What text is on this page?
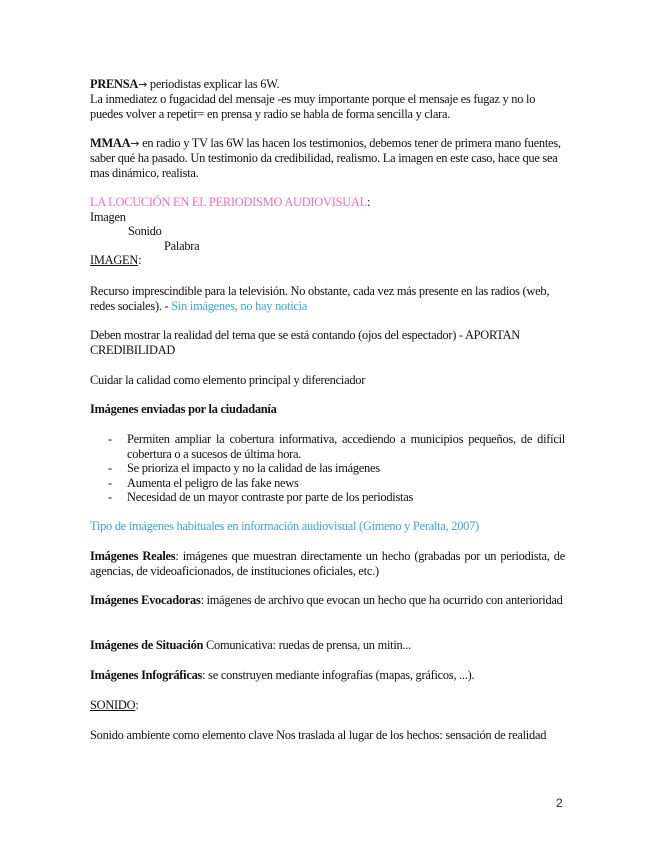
PRENSA→ periodistas explicar las 6W.
La inmediatez o fugacidad del mensaje -es muy importante porque el mensaje es fugaz y no lo puedes volver a repetir= en prensa y radio se habla de forma sencilla y clara.
MMAA→ en radio y TV las 6W las hacen los testimonios, debemos tener de primera mano fuentes, saber qué ha pasado. Un testimonio da credibilidad, realismo. La imagen en este caso, hace que sea mas dinámico, realista.
LA LOCUCIÓN EN EL PERIODISMO AUDIOVISUAL:
Imagen
Sonido
Palabra
IMAGEN:
Recurso imprescindible para la televisión. No obstante, cada vez más presente en las radios (web, redes sociales). - Sin imágenes, no hay noticia
Deben mostrar la realidad del tema que se está contando (ojos del espectador) - APORTAN CREDIBILIDAD
Cuidar la calidad como elemento principal y diferenciador
Imágenes enviadas por la ciudadanía
- Permiten ampliar la cobertura informativa, accediendo a municipios pequeños, de difícil cobertura o a sucesos de última hora.
- Se prioriza el impacto y no la calidad de las imágenes
- Aumenta el peligro de las fake news
- Necesidad de un mayor contraste por parte de los periodistas
Tipo de imágenes habituales en información audiovisual (Gimeno y Peralta, 2007)
Imágenes Reales: imágenes que muestran directamente un hecho (grabadas por un periodista, de agencias, de videoaficionados, de instituciones oficiales, etc.)
Imágenes Evocadoras: imágenes de archivo que evocan un hecho que ha ocurrido con anterioridad
Imágenes de Situación Comunicativa: ruedas de prensa, un mitin...
Imágenes Infográficas: se construyen mediante infografías (mapas, gráficos, ...).
SONIDO:
Sonido ambiente como elemento clave Nos traslada al lugar de los hechos: sensación de realidad
2
